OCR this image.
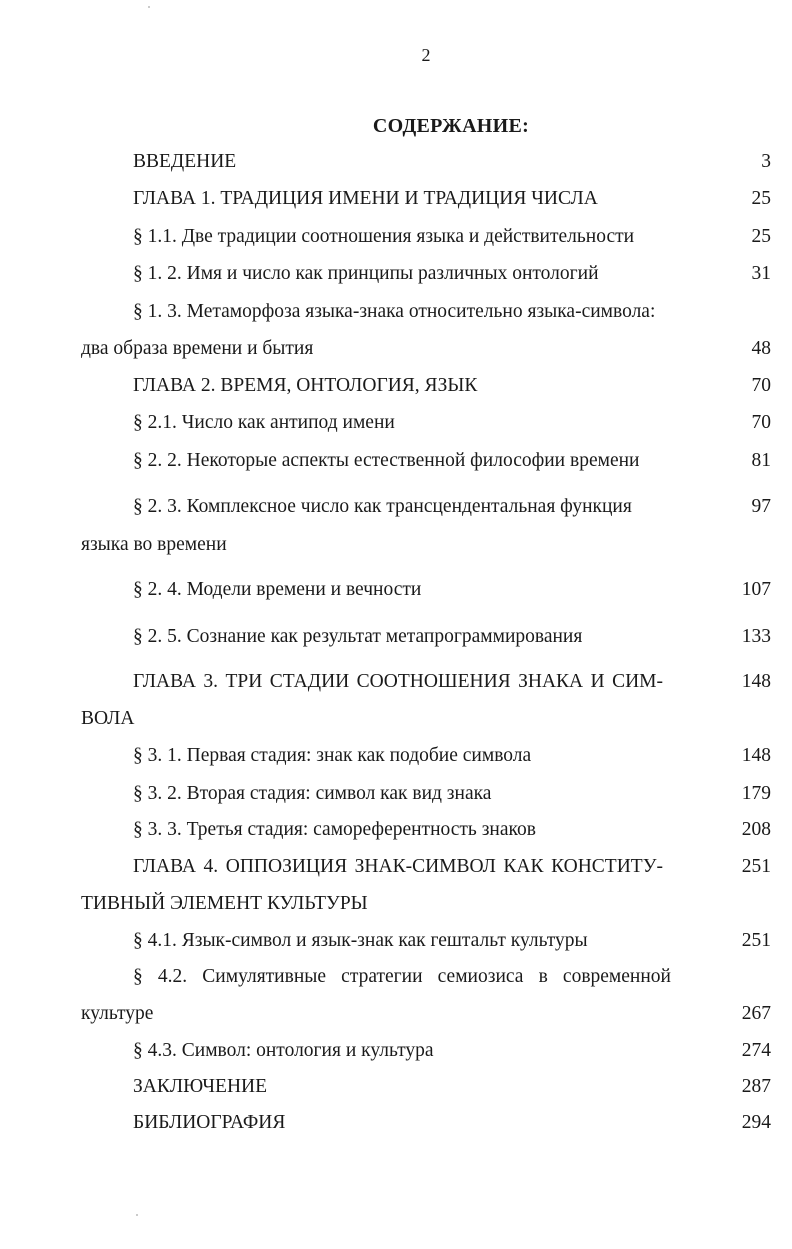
2
СОДЕРЖАНИЕ:
ВВЕДЕНИЕ	3
ГЛАВА 1. ТРАДИЦИЯ ИМЕНИ И ТРАДИЦИЯ ЧИСЛА	25
§ 1.1. Две традиции соотношения языка и действительности	25
§ 1. 2. Имя и число как принципы различных онтологий	31
§ 1. 3. Метаморфоза языка-знака относительно языка-символа:
два образа времени и бытия	48
ГЛАВА 2. ВРЕМЯ, ОНТОЛОГИЯ, ЯЗЫК	70
§ 2.1. Число как антипод имени	70
§ 2. 2. Некоторые аспекты естественной философии времени	81
§ 2. 3. Комплексное число как трансцендентальная функция	97
языка во времени
§ 2. 4. Модели времени и вечности	107
§ 2. 5. Сознание как результат метапрограммирования	133
ГЛАВА 3. ТРИ СТАДИИ СООТНОШЕНИЯ ЗНАКА И СИМ-	148
ВОЛА
§ 3. 1. Первая стадия: знак как подобие символа	148
§ 3. 2. Вторая стадия: символ как вид знака	179
§ 3. 3. Третья стадия: самореферентность знаков	208
ГЛАВА 4. ОППОЗИЦИЯ ЗНАК-СИМВОЛ КАК КОНСТИТУ-	251
ТИВНЫЙ ЭЛЕМЕНТ КУЛЬТУРЫ
§ 4.1. Язык-символ и язык-знак как гештальт культуры	251
§ 4.2. Симулятивные стратегии семиозиса в современной
культуре	267
§ 4.3. Символ: онтология и культура	274
ЗАКЛЮЧЕНИЕ	287
БИБЛИОГРАФИЯ	294
